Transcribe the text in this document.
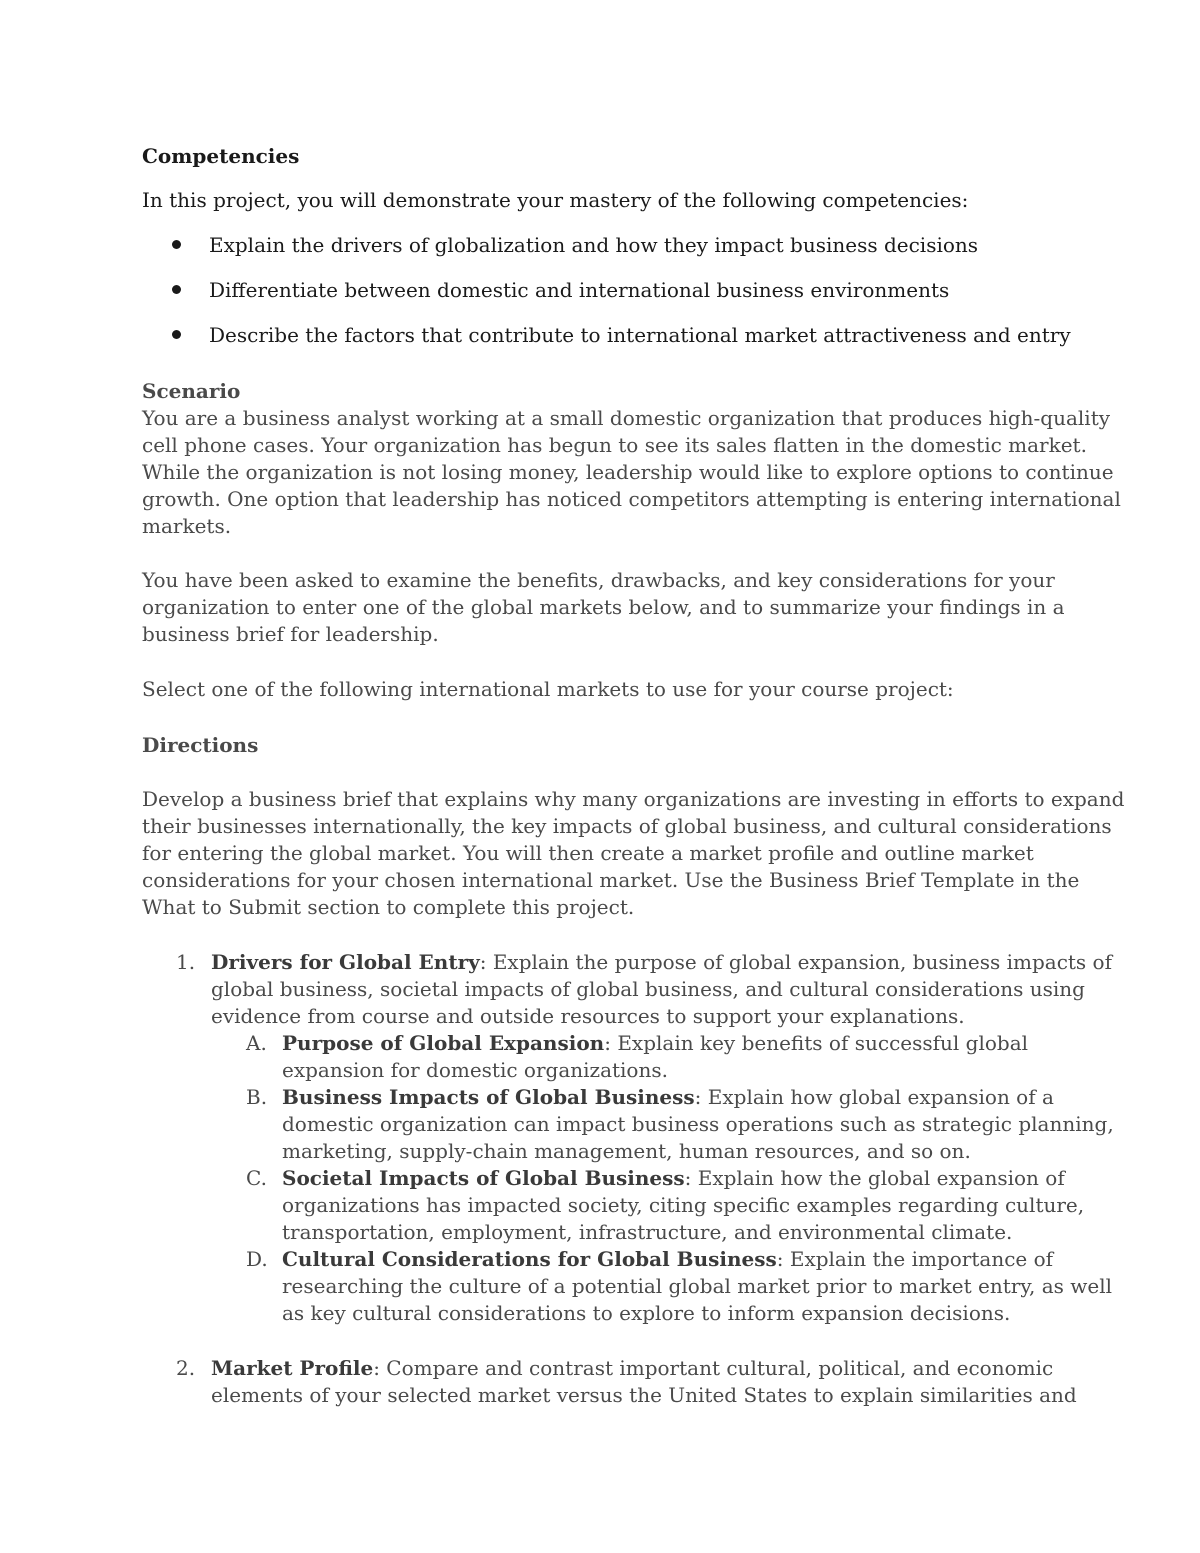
Competencies
In this project, you will demonstrate your mastery of the following competencies:
Explain the drivers of globalization and how they impact business decisions
Differentiate between domestic and international business environments
Describe the factors that contribute to international market attractiveness and entry
Scenario
You are a business analyst working at a small domestic organization that produces high-quality
cell phone cases. Your organization has begun to see its sales flatten in the domestic market.
While the organization is not losing money, leadership would like to explore options to continue
growth. One option that leadership has noticed competitors attempting is entering international
markets.
You have been asked to examine the benefits, drawbacks, and key considerations for your
organization to enter one of the global markets below, and to summarize your findings in a
business brief for leadership.
Select one of the following international markets to use for your course project:
Directions
Develop a business brief that explains why many organizations are investing in efforts to expand
their businesses internationally, the key impacts of global business, and cultural considerations
for entering the global market. You will then create a market profile and outline market
considerations for your chosen international market. Use the Business Brief Template in the
What to Submit section to complete this project.
1. Drivers for Global Entry: Explain the purpose of global expansion, business impacts of
global business, societal impacts of global business, and cultural considerations using
evidence from course and outside resources to support your explanations.
A. Purpose of Global Expansion: Explain key benefits of successful global
expansion for domestic organizations.
B. Business Impacts of Global Business: Explain how global expansion of a
domestic organization can impact business operations such as strategic planning,
marketing, supply-chain management, human resources, and so on.
C. Societal Impacts of Global Business: Explain how the global expansion of
organizations has impacted society, citing specific examples regarding culture,
transportation, employment, infrastructure, and environmental climate.
D. Cultural Considerations for Global Business: Explain the importance of
researching the culture of a potential global market prior to market entry, as well
as key cultural considerations to explore to inform expansion decisions.
2. Market Profile: Compare and contrast important cultural, political, and economic
elements of your selected market versus the United States to explain similarities and
